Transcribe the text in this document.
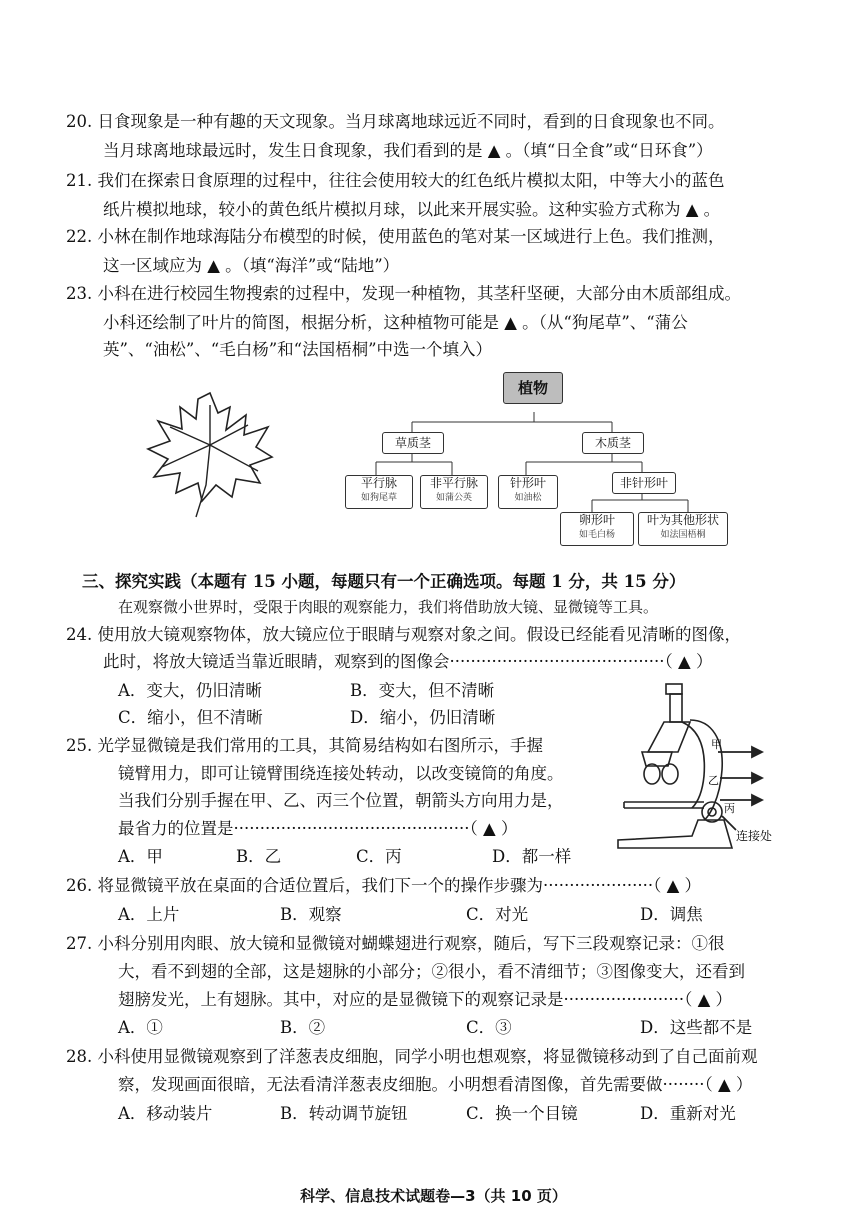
20. 日食现象是一种有趣的天文现象。当月球离地球远近不同时，看到的日食现象也不同。
当月球离地球最远时，发生日食现象，我们看到的是 ▲ 。（填“日全食”或“日环食”）
21. 我们在探索日食原理的过程中，往往会使用较大的红色纸片模拟太阳，中等大小的蓝色
纸片模拟地球，较小的黄色纸片模拟月球，以此来开展实验。这种实验方式称为 ▲ 。
22. 小林在制作地球海陆分布模型的时候，使用蓝色的笔对某一区域进行上色。我们推测，
这一区域应为 ▲ 。（填“海洋”或“陆地”）
23. 小科在进行校园生物搜索的过程中，发现一种植物，其茎秆坚硬，大部分由木质部组成。
小科还绘制了叶片的简图，根据分析，这种植物可能是 ▲ 。（从“狗尾草”、“蒲公
英”、“油松”、“毛白杨”和“法国梧桐”中选一个填入）
植物
草质茎	木质茎
平行脉
如狗尾草
非平行脉
如蒲公英
针形叶
如油松
非针形叶
卵形叶
如毛白杨
叶为其他形状
如法国梧桐
三、探究实践（本题有 15 小题，每题只有一个正确选项。每题 1 分，共 15 分）
在观察微小世界时，受限于肉眼的观察能力，我们将借助放大镜、显微镜等工具。
24. 使用放大镜观察物体，放大镜应位于眼睛与观察对象之间。假设已经能看见清晰的图像，
此时，将放大镜适当靠近眼睛，观察到的图像会·········································（ ▲ ）
A．变大，仍旧清晰	B．变大，但不清晰
C．缩小，但不清晰	D．缩小，仍旧清晰
25. 光学显微镜是我们常用的工具，其简易结构如右图所示，手握
镜臂用力，即可让镜臂围绕连接处转动，以改变镜筒的角度。
当我们分别手握在甲、乙、丙三个位置，朝箭头方向用力是，
最省力的位置是·············································（ ▲ ）
A．甲	B．乙	C．丙	D．都一样
甲
乙
丙
连接处
26. 将显微镜平放在桌面的合适位置后，我们下一个的操作步骤为·····················（ ▲ ）
A．上片	B．观察	C．对光	D．调焦
27. 小科分别用肉眼、放大镜和显微镜对蝴蝶翅进行观察，随后，写下三段观察记录：①很
大，看不到翅的全部，这是翅脉的小部分；②很小，看不清细节；③图像变大，还看到
翅膀发光，上有翅脉。其中，对应的是显微镜下的观察记录是·······················（ ▲ ）
A．①	B．②	C．③	D．这些都不是
28. 小科使用显微镜观察到了洋葱表皮细胞，同学小明也想观察，将显微镜移动到了自己面前观
察，发现画面很暗，无法看清洋葱表皮细胞。小明想看清图像，首先需要做········（ ▲ ）
A．移动装片	B．转动调节旋钮	C．换一个目镜	D．重新对光
科学、信息技术试题卷—3（共 10 页）
